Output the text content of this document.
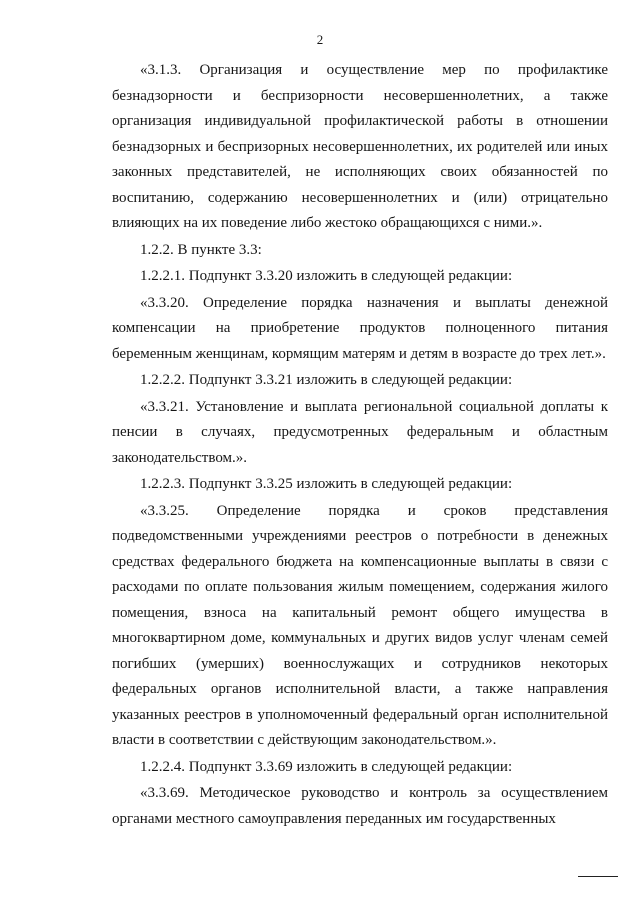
2

«3.1.3. Организация и осуществление мер по профилактике безнадзорности и беспризорности несовершеннолетних, а также организация индивидуальной профилактической работы в отношении безнадзорных и беспризорных несовершеннолетних, их родителей или иных законных представителей, не исполняющих своих обязанностей по воспитанию, содержанию несовершеннолетних и (или) отрицательно влияющих на их поведение либо жестоко обращающихся с ними.».

1.2.2. В пункте 3.3:

1.2.2.1. Подпункт 3.3.20 изложить в следующей редакции:

«3.3.20. Определение порядка назначения и выплаты денежной компенсации на приобретение продуктов полноценного питания беременным женщинам, кормящим матерям и детям в возрасте до трех лет.».

1.2.2.2. Подпункт 3.3.21 изложить в следующей редакции:

«3.3.21. Установление и выплата региональной социальной доплаты к пенсии в случаях, предусмотренных федеральным и областным законодательством.».

1.2.2.3. Подпункт 3.3.25 изложить в следующей редакции:

«3.3.25. Определение порядка и сроков представления подведомственными учреждениями реестров о потребности в денежных средствах федерального бюджета на компенсационные выплаты в связи с расходами по оплате пользования жилым помещением, содержания жилого помещения, взноса на капитальный ремонт общего имущества в многоквартирном доме, коммунальных и других видов услуг членам семей погибших (умерших) военнослужащих и сотрудников некоторых федеральных органов исполнительной власти, а также направления указанных реестров в уполномоченный федеральный орган исполнительной власти в соответствии с действующим законодательством.».

1.2.2.4. Подпункт 3.3.69 изложить в следующей редакции:

«3.3.69. Методическое руководство и контроль за осуществлением органами местного самоуправления переданных им государственных
